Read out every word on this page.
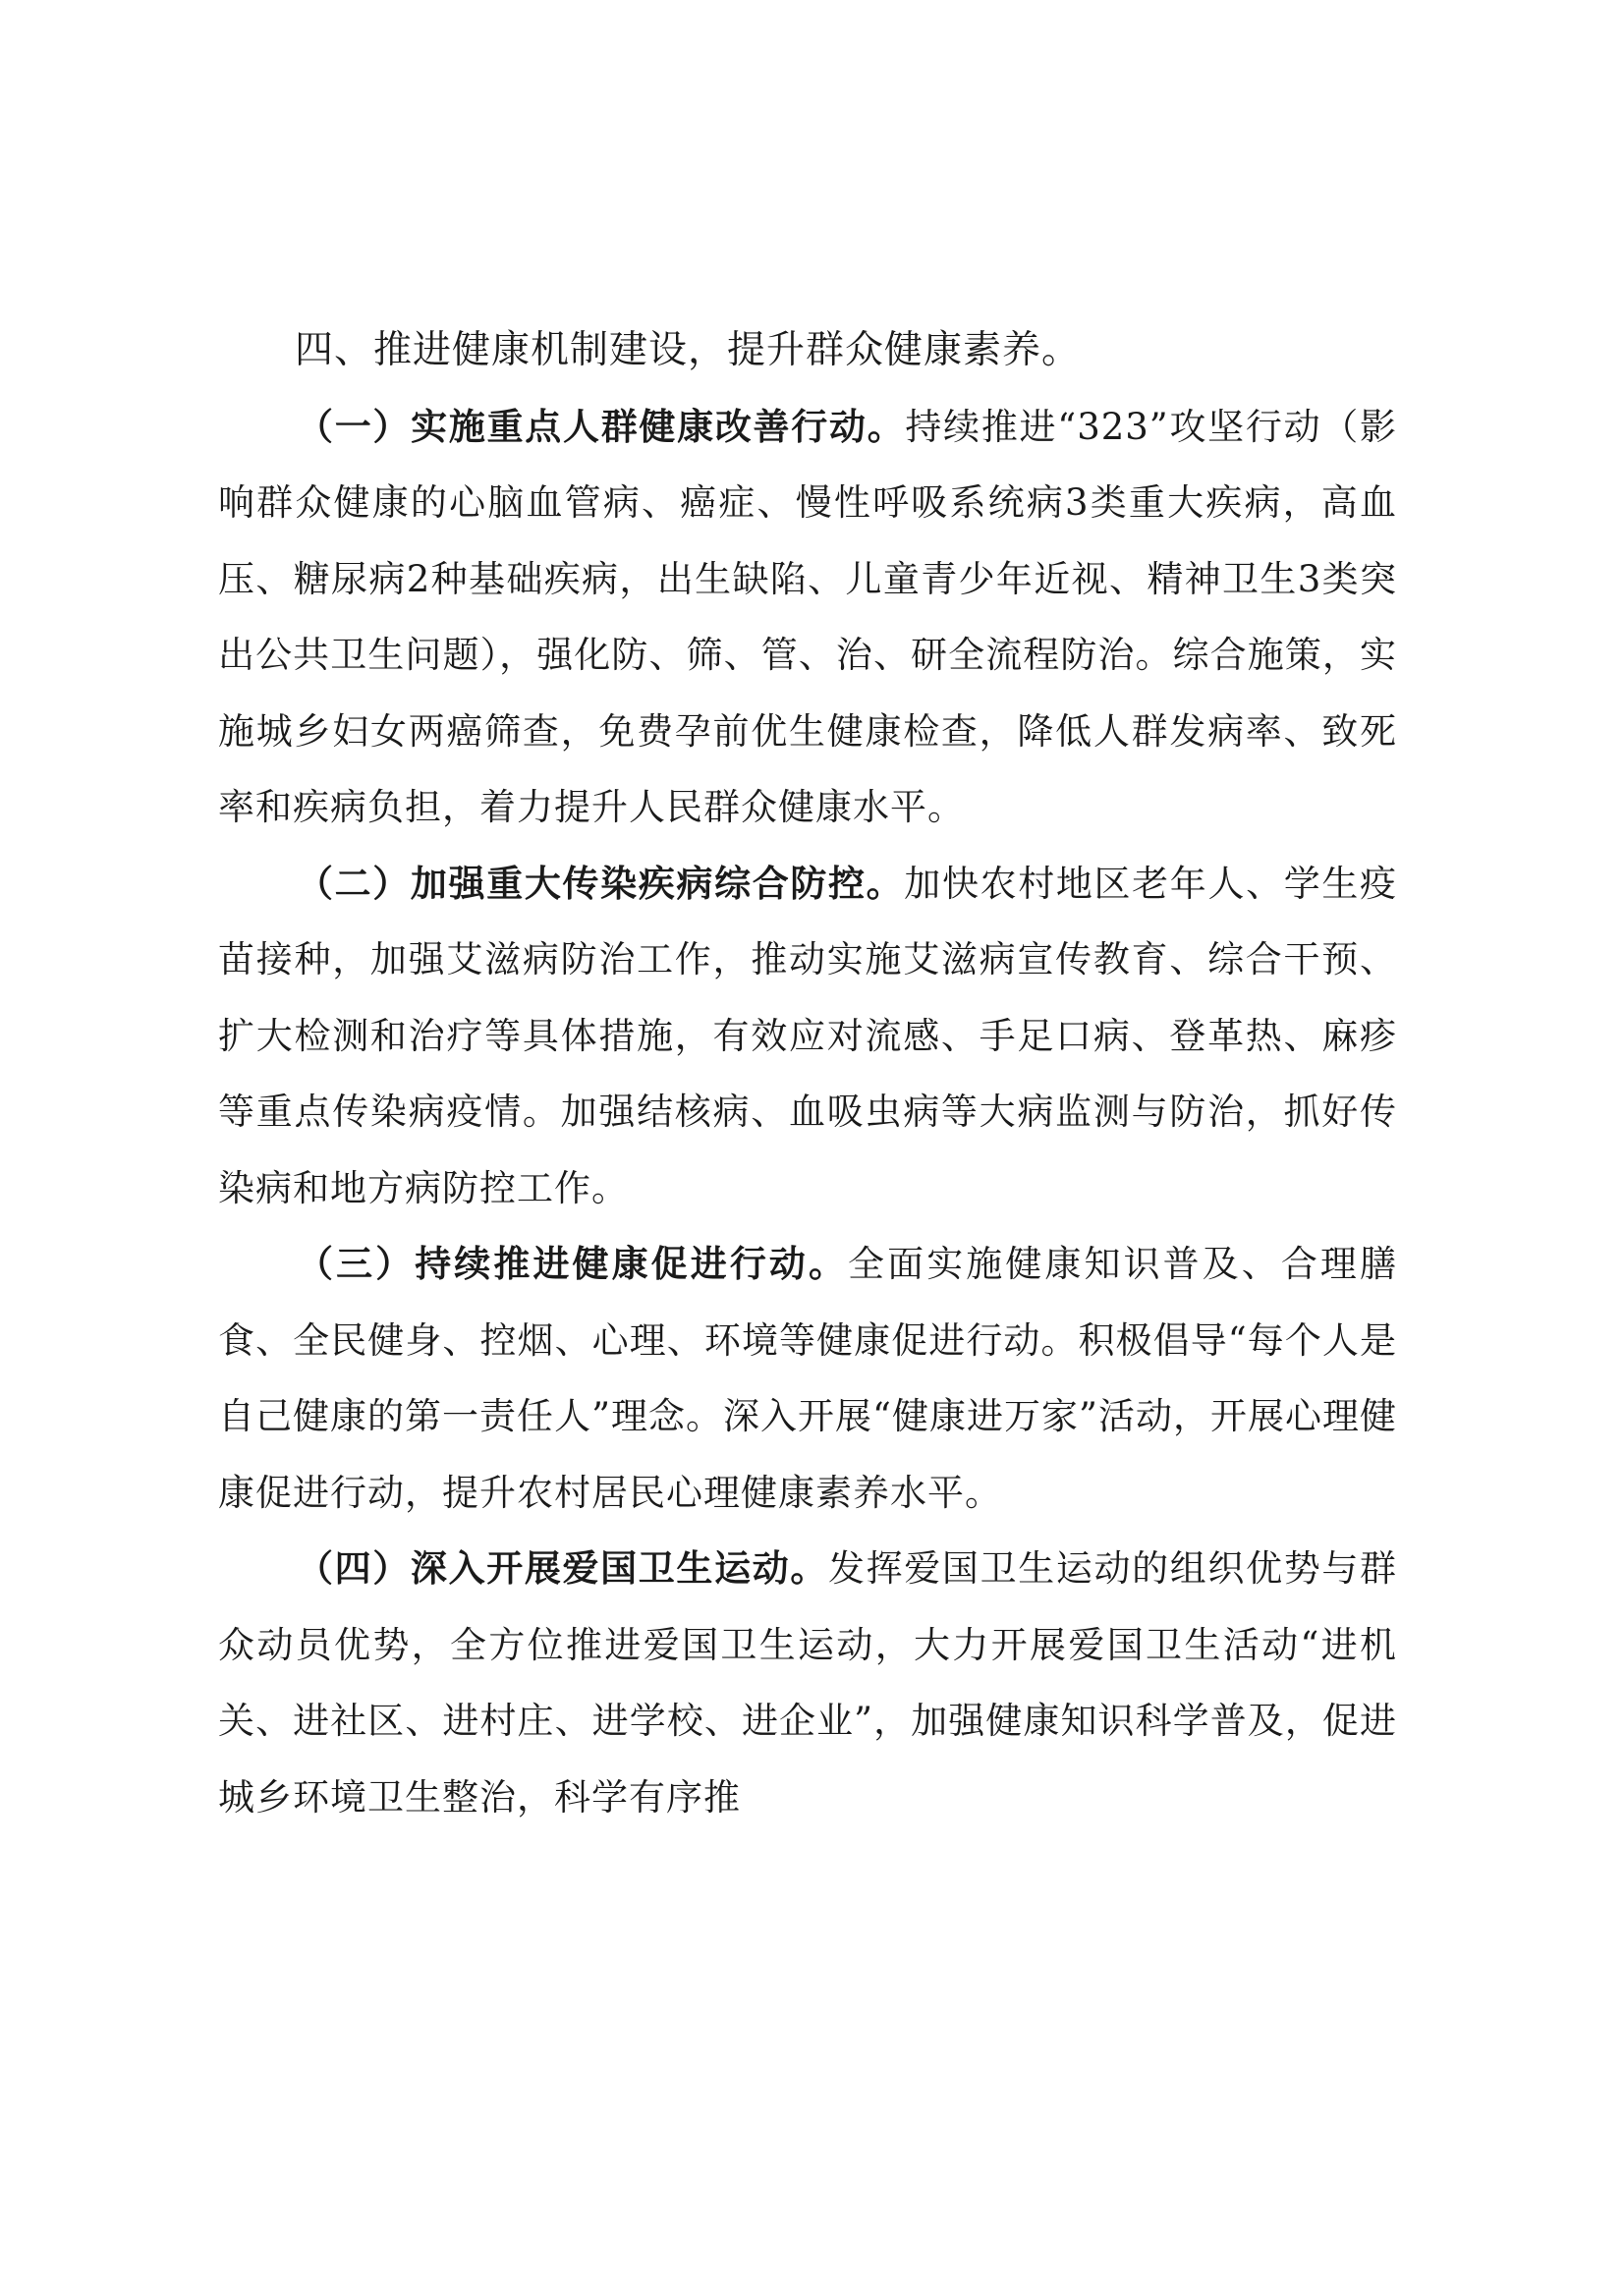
四、推进健康机制建设，提升群众健康素养。

（一）实施重点人群健康改善行动。持续推进“323”攻坚行动（影响群众健康的心脑血管病、癌症、慢性呼吸系统病3类重大疾病，高血压、糖尿病2种基础疾病，出生缺陷、儿童青少年近视、精神卫生3类突出公共卫生问题），强化防、筛、管、治、研全流程防治。综合施策，实施城乡妇女两癌筛查，免费孕前优生健康检查，降低人群发病率、致死率和疾病负担，着力提升人民群众健康水平。

（二）加强重大传染疾病综合防控。加快农村地区老年人、学生疫苗接种，加强艾滋病防治工作，推动实施艾滋病宣传教育、综合干预、扩大检测和治疗等具体措施，有效应对流感、手足口病、登革热、麻疹等重点传染病疫情。加强结核病、血吸虫病等大病监测与防治，抓好传染病和地方病防控工作。

（三）持续推进健康促进行动。全面实施健康知识普及、合理膳食、全民健身、控烟、心理、环境等健康促进行动。积极倡导“每个人是自己健康的第一责任人”理念。深入开展“健康进万家”活动，开展心理健康促进行动，提升农村居民心理健康素养水平。

（四）深入开展爱国卫生运动。发挥爱国卫生运动的组织优势与群众动员优势，全方位推进爱国卫生运动，大力开展爱国卫生活动“进机关、进社区、进村庄、进学校、进企业”，加强健康知识科学普及，促进城乡环境卫生整治，科学有序推
